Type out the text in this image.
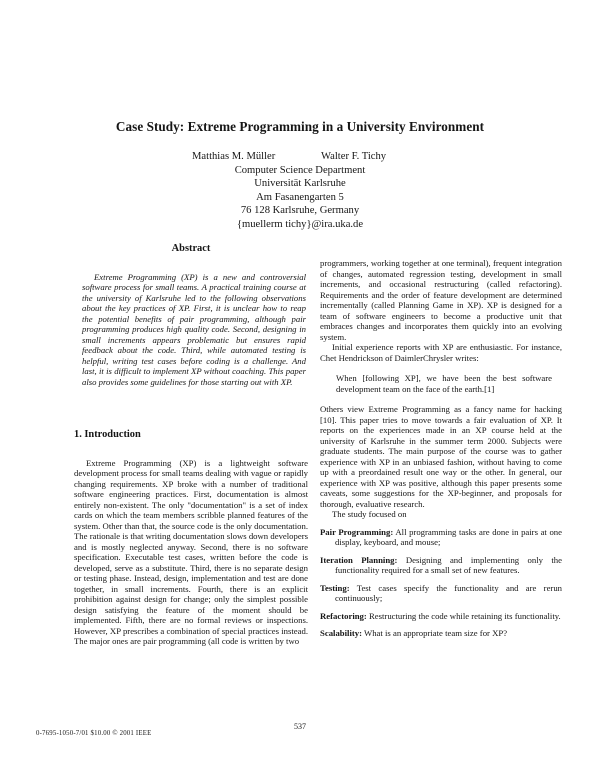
Case Study: Extreme Programming in a University Environment
Matthias M. Müller	Walter F. Tichy
Computer Science Department
Universität Karlsruhe
Am Fasanengarten 5
76 128 Karlsruhe, Germany
{muellerm tichy}@ira.uka.de
Abstract

Extreme Programming (XP) is a new and controversial software process for small teams. A practical training course at the university of Karlsruhe led to the following observations about the key practices of XP. First, it is unclear how to reap the potential benefits of pair programming, although pair programming produces high quality code. Second, designing in small increments appears problematic but ensures rapid feedback about the code. Third, while automated testing is helpful, writing test cases before coding is a challenge. And last, it is difficult to implement XP without coaching. This paper also provides some guidelines for those starting out with XP.

1. Introduction

Extreme Programming (XP) is a lightweight software development process for small teams dealing with vague or rapidly changing requirements. XP broke with a number of traditional software engineering practices. First, documentation is almost entirely non-existent. The only "documentation" is a set of index cards on which the team members scribble planned features of the system. Other than that, the source code is the only documentation. The rationale is that writing documentation slows down developers and is mostly neglected anyway. Second, there is no software specification. Executable test cases, written before the code is developed, serve as a substitute. Third, there is no separate design or testing phase. Instead, design, implementation and test are done together, in small increments. Fourth, there is an explicit prohibition against design for change; only the simplest possible design satisfying the feature of the moment should be implemented. Fifth, there are no formal reviews or inspections. However, XP prescribes a combination of special practices instead. The major ones are pair programming (all code is written by two

programmers, working together at one terminal), frequent integration of changes, automated regression testing, development in small increments, and occasional restructuring (called refactoring). Requirements and the order of feature development are determined incrementally (called Planning Game in XP). XP is designed for a team of software engineers to become a productive unit that embraces changes and incorporates them quickly into an evolving system.

Initial experience reports with XP are enthusiastic. For instance, Chet Hendrickson of DaimlerChrysler writes:

When [following XP], we have been the best software development team on the face of the earth.[1]

Others view Extreme Programming as a fancy name for hacking [10]. This paper tries to move towards a fair evaluation of XP. It reports on the experiences made in an XP course held at the university of Karlsruhe in the summer term 2000. Subjects were graduate students. The main purpose of the course was to gather experience with XP in an unbiased fashion, without having to come up with a preordained result one way or the other. In general, our experience with XP was positive, although this paper presents some caveats, some suggestions for the XP-beginner, and proposals for thorough, evaluative research.

The study focused on

Pair Programming: All programming tasks are done in pairs at one display, keyboard, and mouse;
Iteration Planning: Designing and implementing only the functionality required for a small set of new features.
Testing: Test cases specify the functionality and are rerun continuously;
Refactoring: Restructuring the code while retaining its functionality.
Scalability: What is an appropriate team size for XP?
537
0-7695-1050-7/01 $10.00 © 2001 IEEE
